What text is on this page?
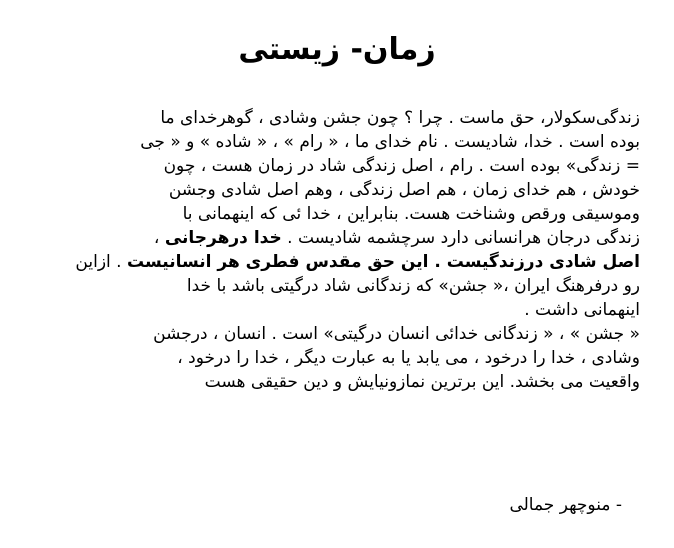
زمان- زیستی
زندگی‌سکولار، حق ماست . چرا ؟ چون جشن وشادی ، گوهرخدای ما
بوده است . خدا، شادیست . نام خدای ما ، « رام » ، « شاده » و « جی
= زندگی» بوده است . رام ، اصل زندگی شاد در زمان هست ، چون
خودش ، هم خدای زمان ، هم اصل زندگی ، وهم اصل شادی وجشن
وموسیقی ورقص وشناخت هست. بنابراین ، خدا ئی که اینهمانی با
زندگی درجان هرانسانی دارد سرچشمه شادیست . خدا درهرجانی ،
اصل شادی درزندگیست . این حق مقدس فطری هر انسانیست . ازاین
رو درفرهنگ ایران ،« جشن» که زندگانی شاد درگیتی باشد با خدا
اینهمانی داشت .
« جشن » ، « زندگانی خدائی انسان درگیتی» است . انسان ، درجشن
وشادی ، خدا را درخود ، می یابد یا به عبارت دیگر ، خدا را درخود ،
واقعیت می بخشد. این برترین نمازونیایش و دین حقیقی هست
- منوچهر جمالی
